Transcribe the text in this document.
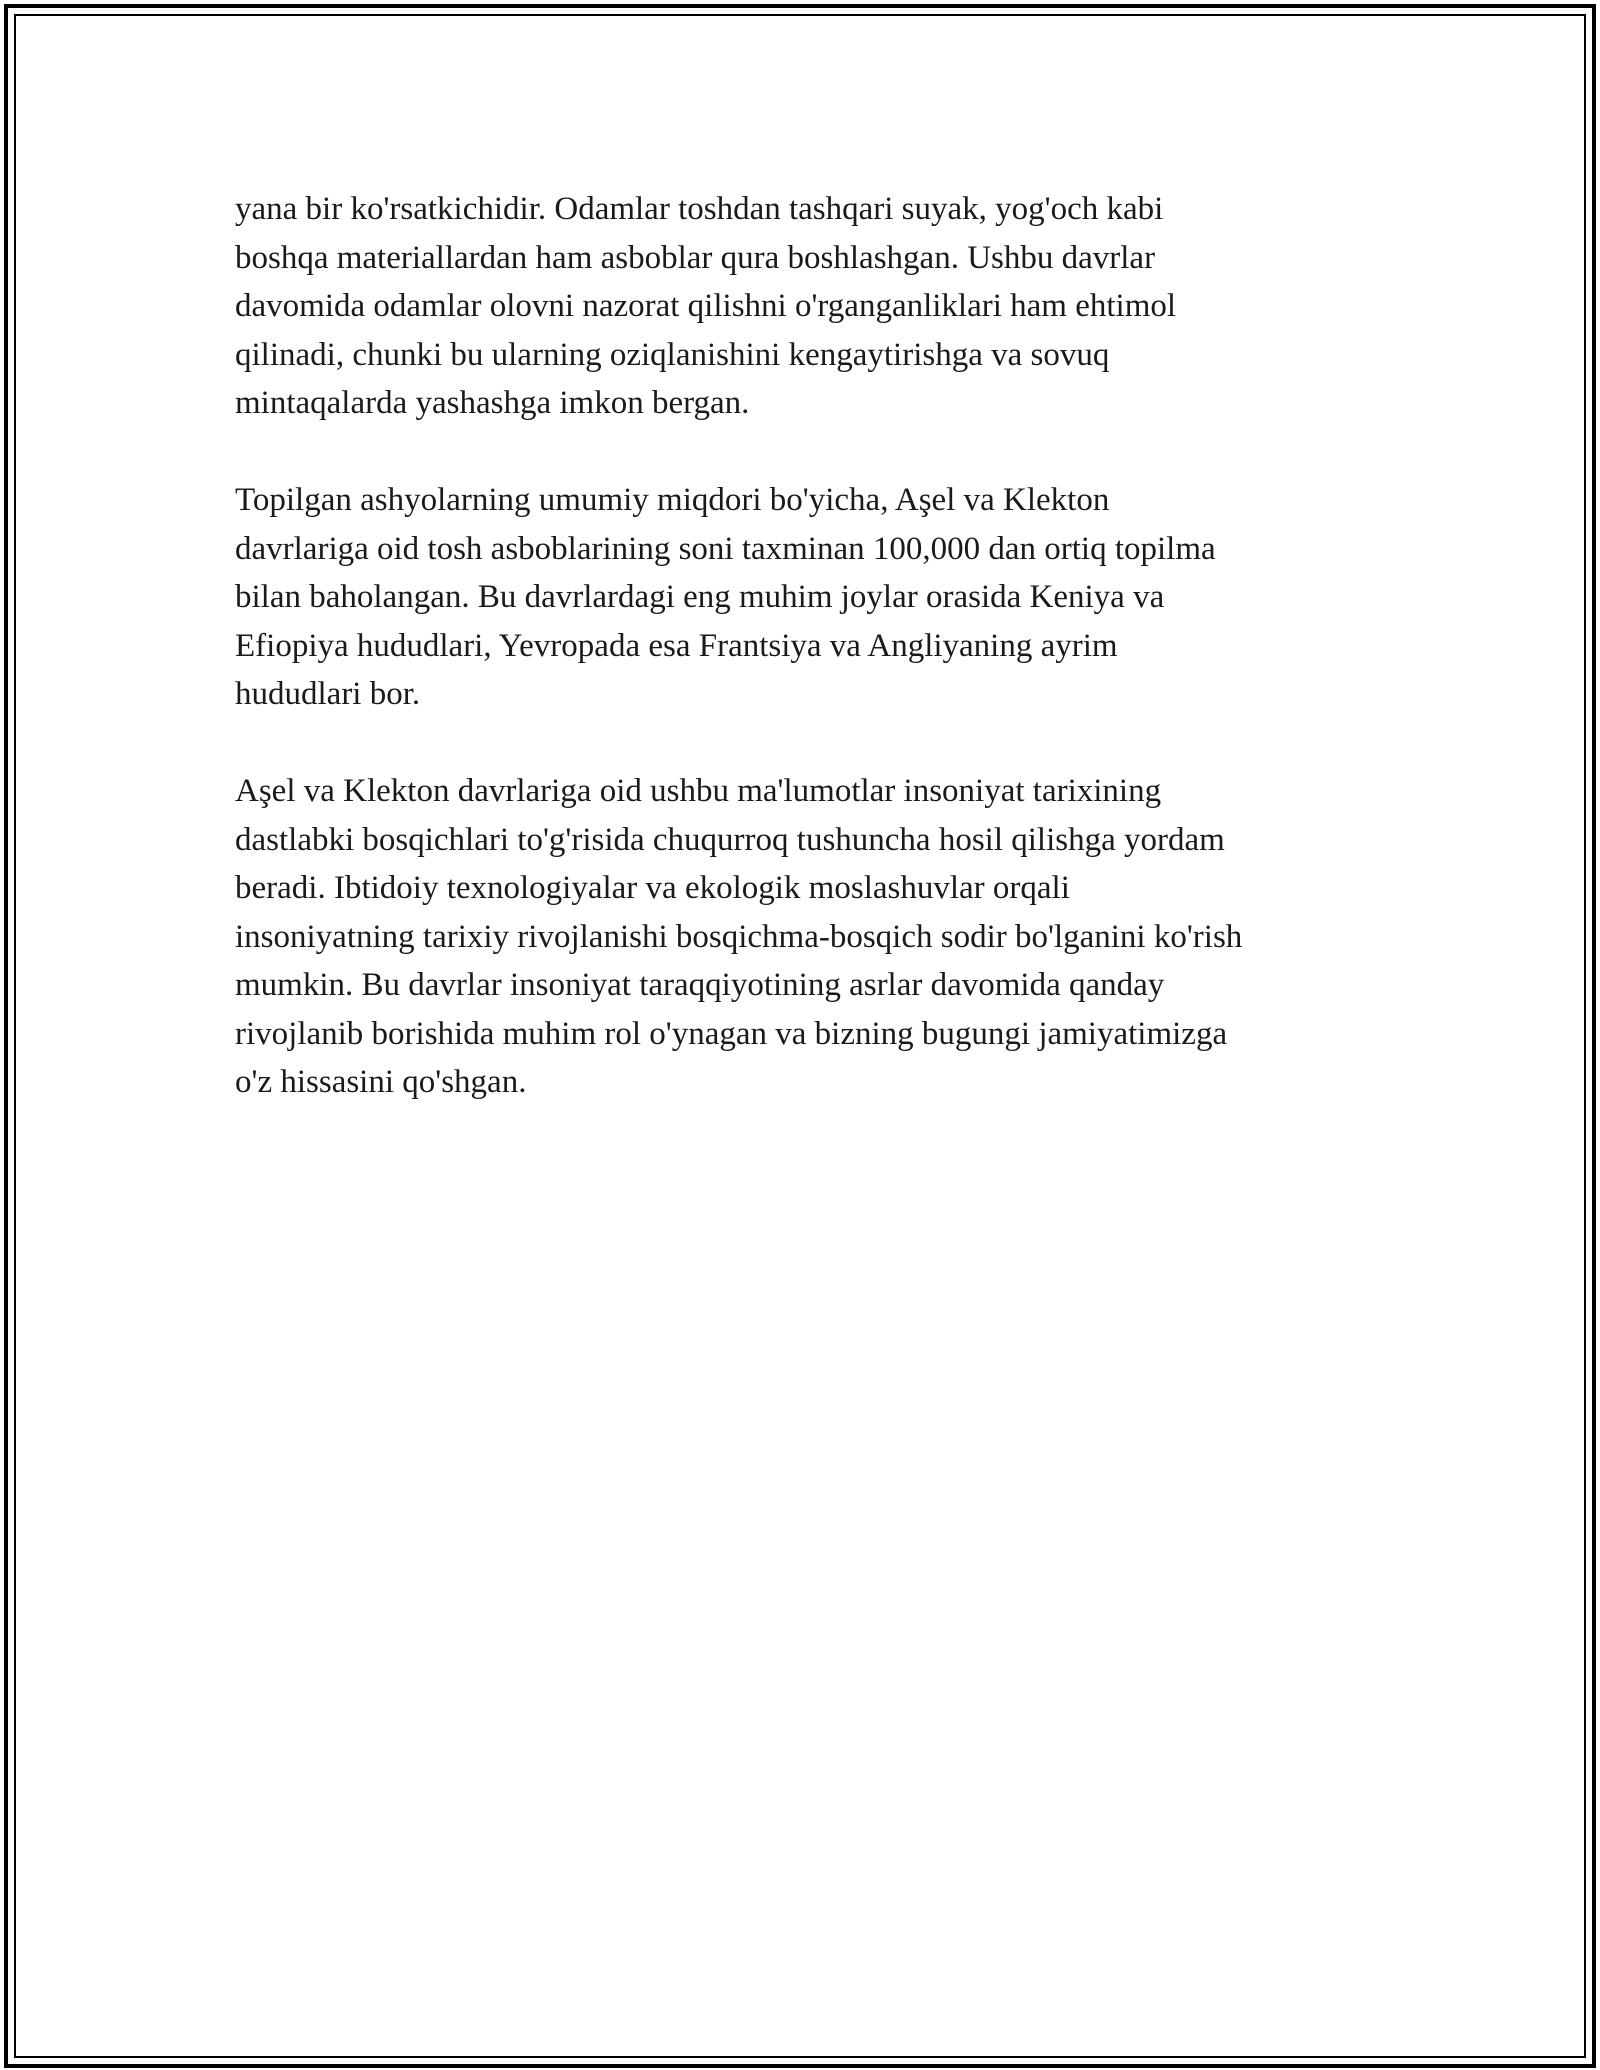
yana bir ko'rsatkichidir. Odamlar toshdan tashqari suyak, yog'och kabi
boshqa materiallardan ham asboblar qura boshlashgan. Ushbu davrlar
davomida odamlar olovni nazorat qilishni o'rganganliklari ham ehtimol
qilinadi, chunki bu ularning oziqlanishini kengaytirishga va sovuq
mintaqalarda yashashga imkon bergan.

Topilgan ashyolarning umumiy miqdori bo'yicha, Aşel va Klekton
davrlariga oid tosh asboblarining soni taxminan 100,000 dan ortiq topilma
bilan baholangan. Bu davrlardagi eng muhim joylar orasida Keniya va
Efiopiya hududlari, Yevropada esa Frantsiya va Angliyaning ayrim
hududlari bor.

Aşel va Klekton davrlariga oid ushbu ma'lumotlar insoniyat tarixining
dastlabki bosqichlari to'g'risida chuqurroq tushuncha hosil qilishga yordam
beradi. Ibtidoiy texnologiyalar va ekologik moslashuvlar orqali
insoniyatning tarixiy rivojlanishi bosqichma-bosqich sodir bo'lganini ko'rish
mumkin. Bu davrlar insoniyat taraqqiyotining asrlar davomida qanday
rivojlanib borishida muhim rol o'ynagan va bizning bugungi jamiyatimizga
o'z hissasini qo'shgan.
